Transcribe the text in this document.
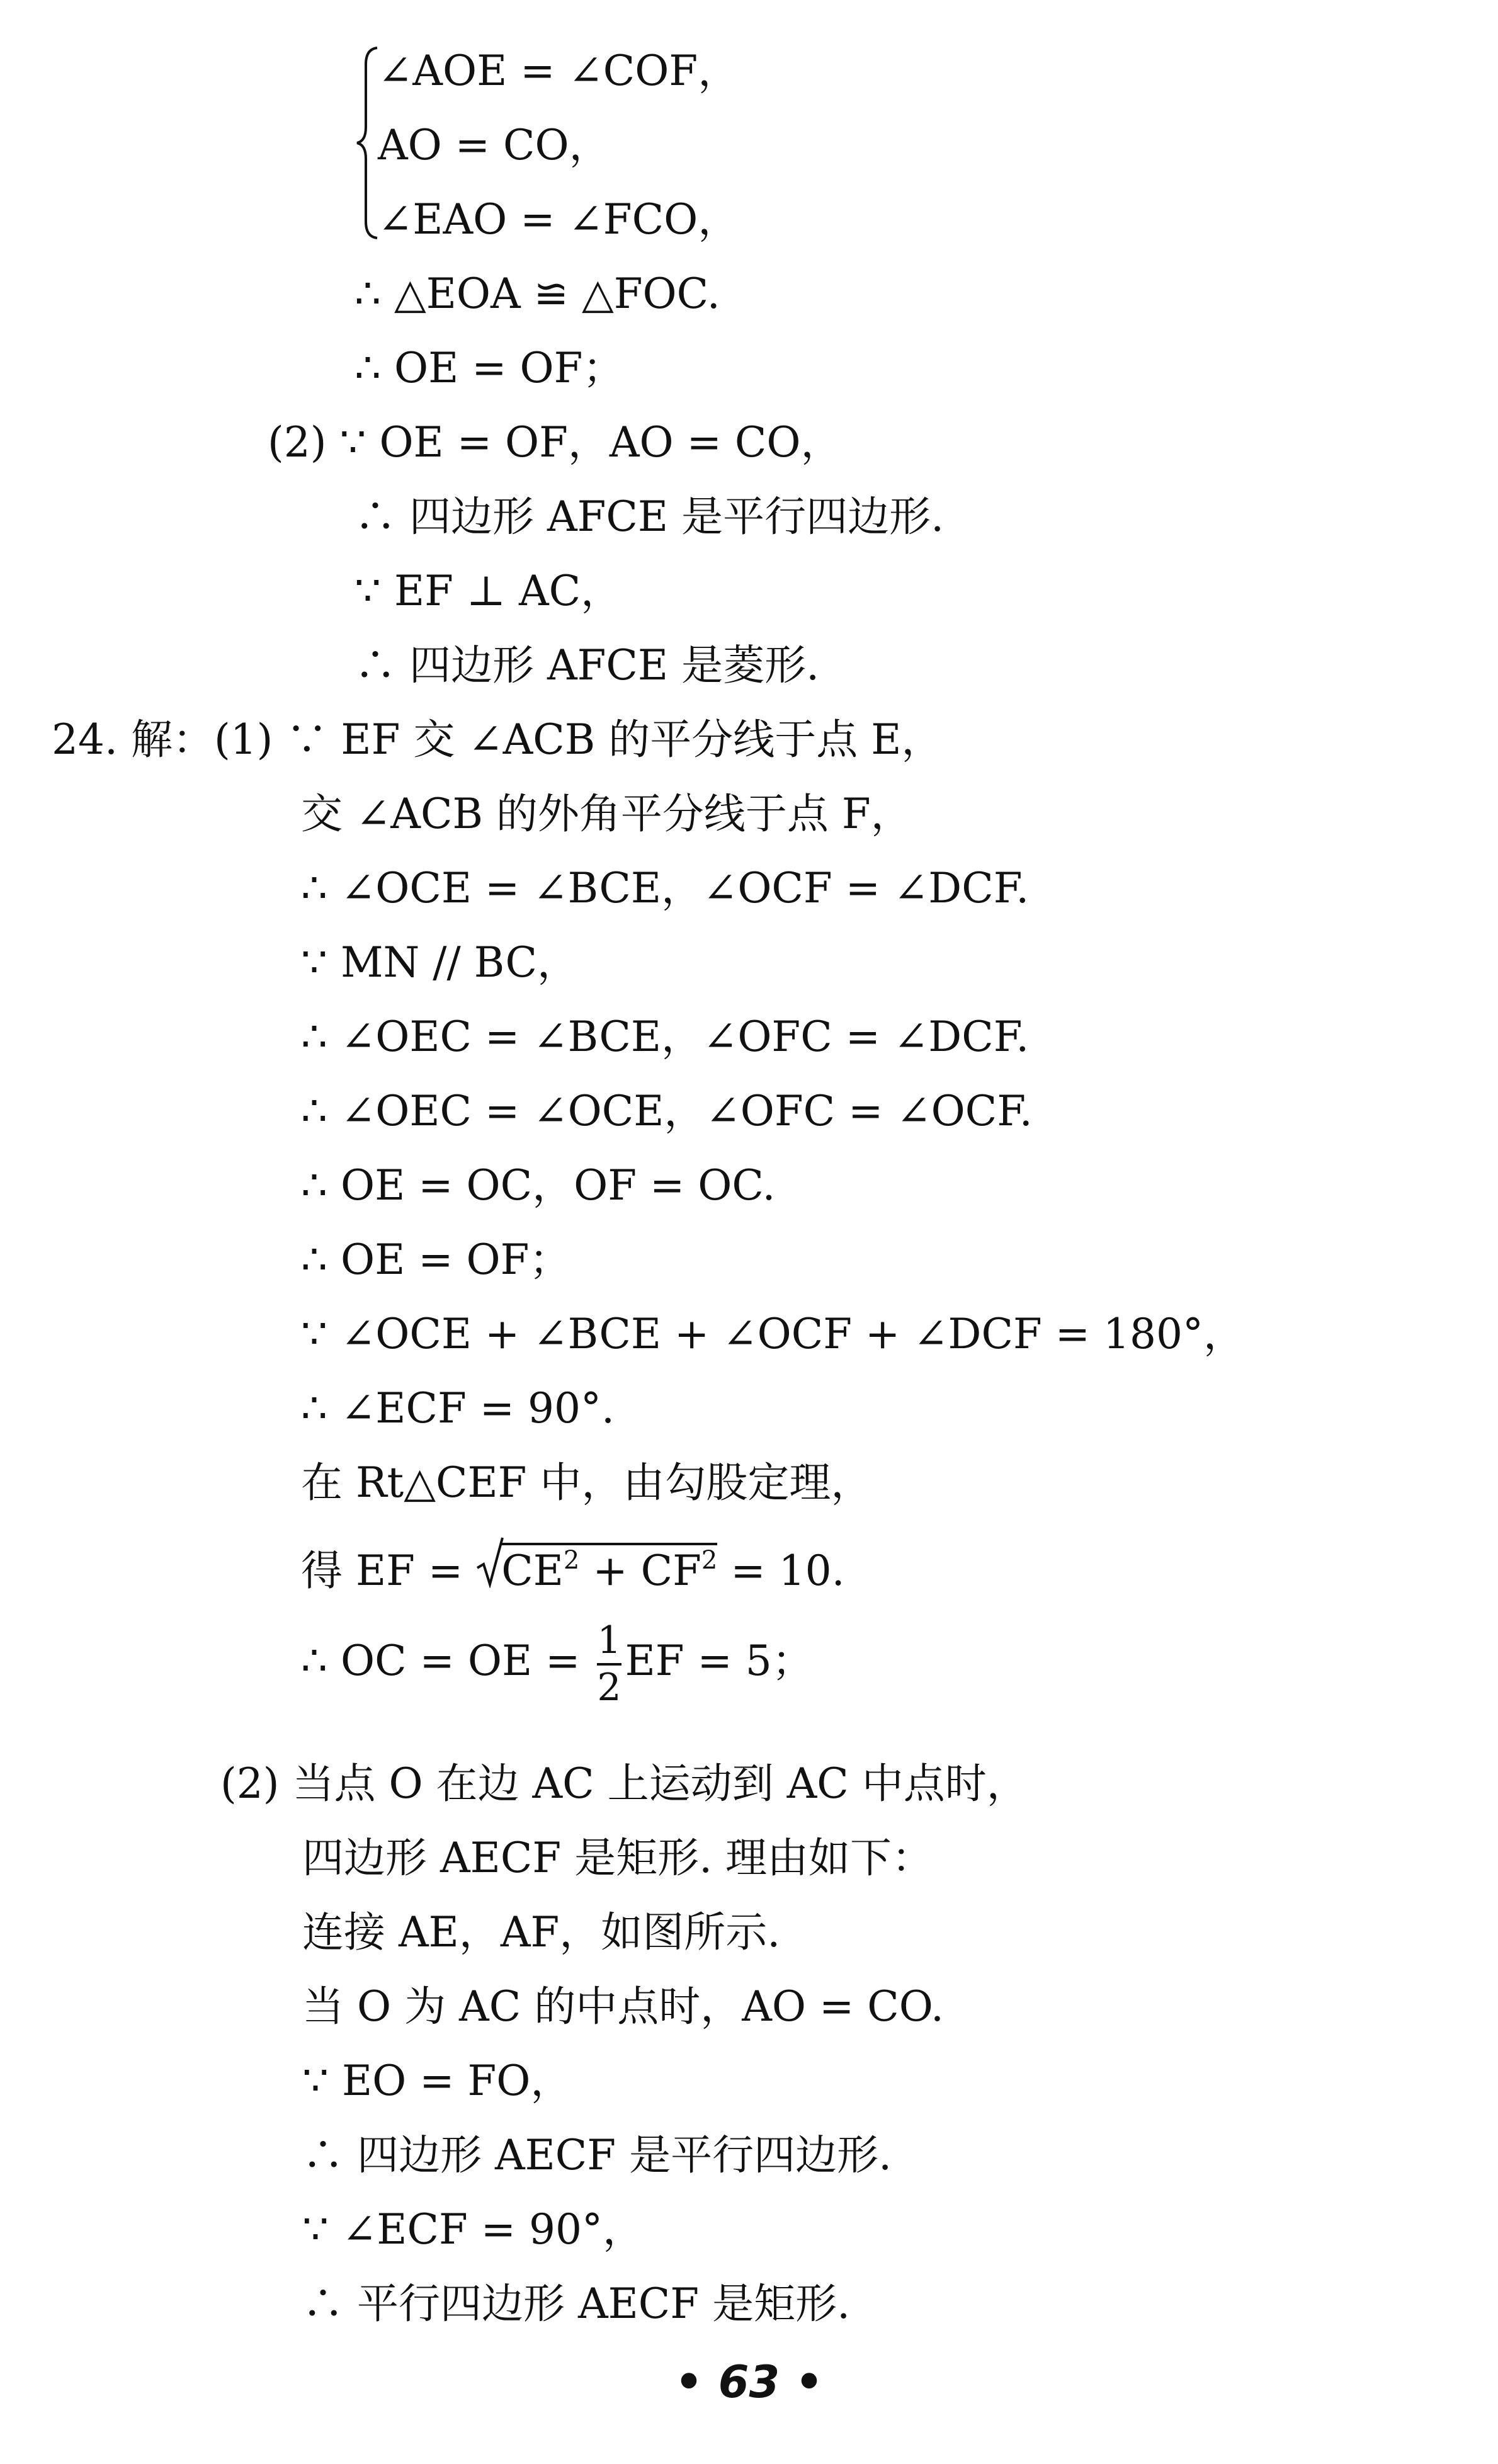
∠AOE = ∠COF，
AO = CO，
∠EAO = ∠FCO，
∴ △EOA ≌ △FOC.
∴ OE = OF；
(2) ∵ OE = OF，AO = CO，
∴ 四边形 AFCE 是平行四边形.
∵ EF ⊥ AC，
∴ 四边形 AFCE 是菱形.
24. 解：(1) ∵ EF 交 ∠ACB 的平分线于点 E，
交 ∠ACB 的外角平分线于点 F，
∴ ∠OCE = ∠BCE，∠OCF = ∠DCF.
∵ MN // BC，
∴ ∠OEC = ∠BCE，∠OFC = ∠DCF.
∴ ∠OEC = ∠OCE，∠OFC = ∠OCF.
∴ OE = OC，OF = OC.
∴ OE = OF；
∵ ∠OCE + ∠BCE + ∠OCF + ∠DCF = 180°，
∴ ∠ECF = 90°.
在 Rt△CEF 中，由勾股定理，
得 EF =
$CE^2 + CF^2 = 10$.
∴ OC = OE = $\frac{1}{2}$ EF = 5；
(2) 当点 O 在边 AC 上运动到 AC 中点时，
四边形 AECF 是矩形. 理由如下：
连接 AE，AF，如图所示.
当 O 为 AC 的中点时，AO = CO.
∵ EO = FO，
∴ 四边形 AECF 是平行四边形.
∵ ∠ECF = 90°，
∴ 平行四边形 AECF 是矩形.
• 63 •
